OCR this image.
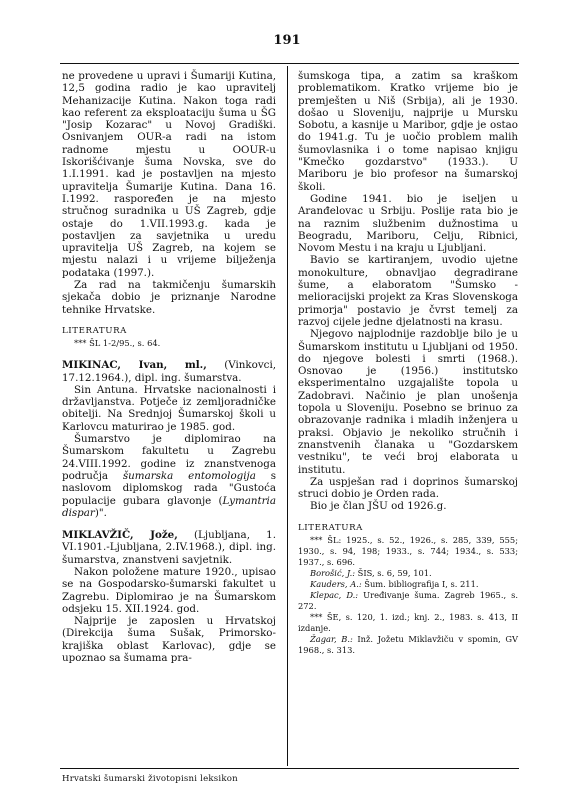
191

ne provedene u upravi i Šumariji Kutina, 12,5 godina radio je kao upravitelj Mehanizacije Kutina. Nakon toga radi kao referent za eksploataciju šuma u ŠG "Josip Kozarac" u Novoj Gradiški. Osnivanjem OUR-a radi na istom radnome mjestu u OOUR-u Iskorišćivanje šuma Novska, sve do 1.I.1991. kad je postavljen na mjesto upravitelja Šumarije Kutina. Dana 16. I.1992. raspoređen je na mjesto stručnog suradnika u UŠ Zagreb, gdje ostaje do 1.VII.1993.g. kada je postavljen za savjetnika u uredu upravitelja UŠ Zagreb, na kojem se mjestu nalazi i u vrijeme bilježenja podataka (1997.).

Za rad na takmičenju šumarskih sjekača dobio je priznanje Narodne tehnike Hrvatske.

LITERATURA

*** ŠL 1-2/95., s. 64.

MIKINAC, Ivan, ml., (Vinkovci, 17.12.1964.), dipl. ing. šumarstva.

Sin Antuna. Hrvatske nacionalnosti i državljanstva. Potječe iz zemljoradničke obitelji. Na Srednjoj Šumarskoj školi u Karlovcu maturirao je 1985. god.

Šumarstvo je diplomirao na Šumarskom fakultetu u Zagrebu 24.VIII.1992. godine iz znanstvenoga područja šumarska entomologija s naslovom diplomskog rada "Gustoća populacije gubara glavonje (Lymantria dispar)".

MIKLAVŽIČ, Jože, (Ljubljana, 1. VI.1901.-Ljubljana, 2.IV.1968.), dipl. ing. šumarstva, znanstveni savjetnik.

Nakon položene mature 1920., upisao se na Gospodarsko-šumarski fakultet u Zagrebu. Diplomirao je na Šumarskom odsjeku 15. XII.1924. god.

Najprije je zaposlen u Hrvatskoj (Direkcija šuma Sušak, Primorsko-krajiška oblast Karlovac), gdje se upoznao sa šumama pra-

šumskoga tipa, a zatim sa kraškom problematikom. Kratko vrijeme bio je premješten u Niš (Srbija), ali je 1930. došao u Sloveniju, najprije u Mursku Sobotu, a kasnije u Maribor, gdje je ostao do 1941.g. Tu je uočio problem malih šumovlasnika i o tome napisao knjigu "Kmečko gozdarstvo" (1933.). U Mariboru je bio profesor na šumarskoj školi.

Godine 1941. bio je iseljen u Aranđelovac u Srbiju. Poslije rata bio je na raznim službenim dužnostima u Beogradu, Mariboru, Celju, Ribnici, Novom Mestu i na kraju u Ljubljani.

Bavio se kartiranjem, uvodio ujetne monokulture, obnavljao degradirane šume, a elaboratom "Šumsko - melioracijski projekt za Kras Slovenskoga primorja" postavio je čvrst temelj za razvoj cijele jedne djelatnosti na krasu.

Njegovo najplodnije razdoblje bilo je u Šumarskom institutu u Ljubljani od 1950. do njegove bolesti i smrti (1968.). Osnovao je (1956.) institutsko eksperimentalno uzgajalište topola u Zadobravi. Načinio je plan unošenja topola u Sloveniju. Posebno se brinuo za obrazovanje radnika i mladih inženjera u praksi. Objavio je nekoliko stručnih i znanstvenih članaka u "Gozdarskem vestniku", te veći broj elaborata u institutu.

Za uspješan rad i doprinos šumarskoj struci dobio je Orden rada.

Bio je član JŠU od 1926.g.

LITERATURA

*** ŠL: 1925., s. 52., 1926., s. 285, 339, 555; 1930., s. 94, 198; 1933., s. 744; 1934., s. 533; 1937., s. 696.

Borošić, J.: ŠIS, s. 6, 59, 101.

Kauders, A.: Šum. bibliografija I, s. 211.

Klepac, D.: Uređivanje šuma. Zagreb 1965., s. 272.

*** ŠE, s. 120, 1. izd.; knj. 2., 1983. s. 413, II izdanje.

Žagar, B.: Inž. Jožetu Miklavžiču v spomin, GV 1968., s. 313.

Hrvatski šumarski životopisni leksikon
